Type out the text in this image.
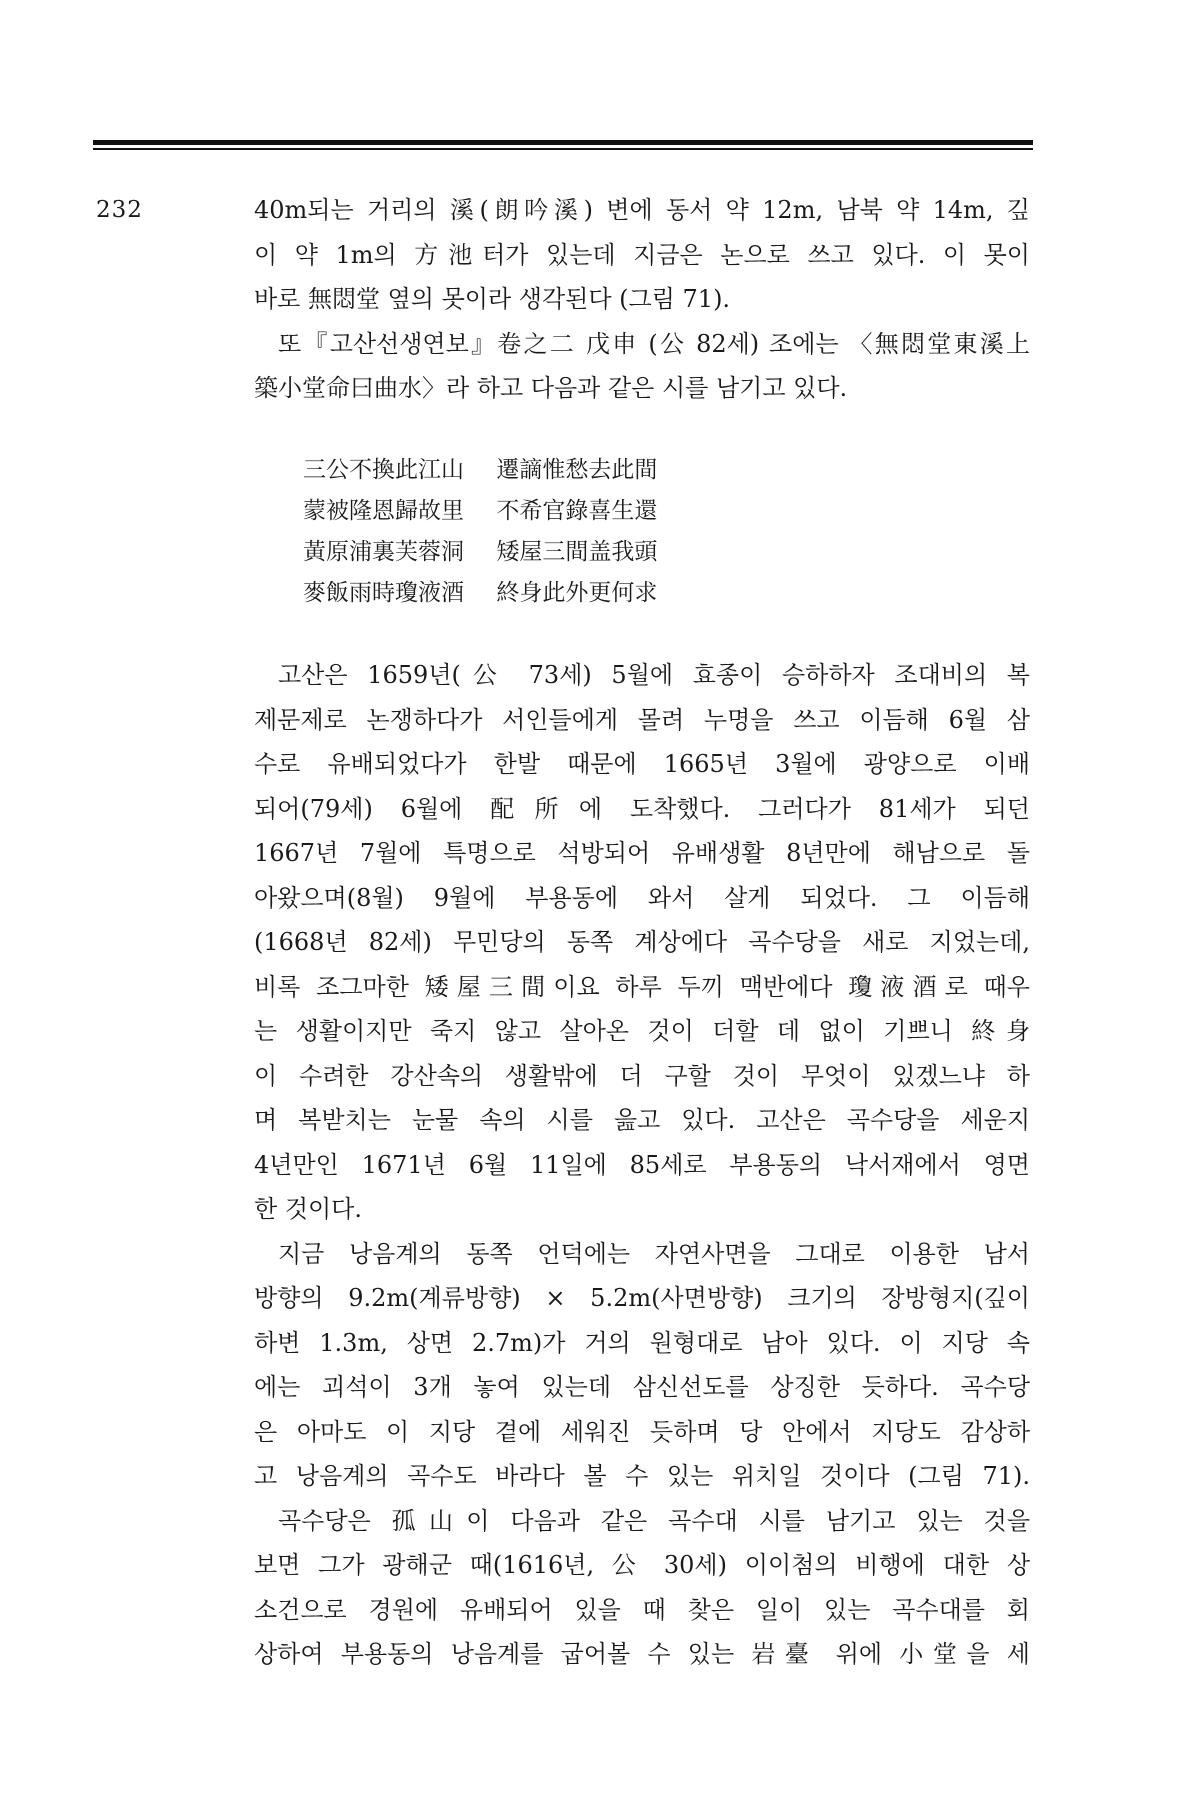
232	40m되는 거리의 溪(朗吟溪) 변에 동서 약 12m, 남북 약 14m, 깊
이 약 1m의 方池터가 있는데 지금은 논으로 쓰고 있다. 이 못이
바로 無悶堂 옆의 못이라 생각된다 (그림 71).
또『고산선생연보』卷之二 戊申 (公 82세) 조에는 〈無悶堂東溪上
築小堂命曰曲水〉라 하고 다음과 같은 시를 남기고 있다.
三公不換此江山 遷謫惟愁去此間
蒙被隆恩歸故里 不希官錄喜生還
黃原浦裏芙蓉洞 矮屋三間盖我頭
麥飯雨時瓊液酒 終身此外更何求
고산은 1659년(公 73세) 5월에 효종이 승하하자 조대비의 복
제문제로 논쟁하다가 서인들에게 몰려 누명을 쓰고 이듬해 6월 삼
수로 유배되었다가 한발 때문에 1665년 3월에 광양으로 이배
되어(79세) 6월에 配所에 도착했다. 그러다가 81세가 되던
1667년 7월에 특명으로 석방되어 유배생활 8년만에 해남으로 돌
아왔으며(8월) 9월에 부용동에 와서 살게 되었다. 그 이듬해
(1668년 82세) 무민당의 동쪽 계상에다 곡수당을 새로 지었는데,
비록 조그마한 矮屋三間이요 하루 두끼 맥반에다 瓊液酒로 때우
는 생활이지만 죽지 않고 살아온 것이 더할 데 없이 기쁘니 終身
이 수려한 강산속의 생활밖에 더 구할 것이 무엇이 있겠느냐 하
며 복받치는 눈물 속의 시를 읊고 있다. 고산은 곡수당을 세운지
4년만인 1671년 6월 11일에 85세로 부용동의 낙서재에서 영면
한 것이다.
지금 낭음계의 동쪽 언덕에는 자연사면을 그대로 이용한 남서
방향의 9.2m(계류방향) × 5.2m(사면방향) 크기의 장방형지(깊이
하변 1.3m, 상면 2.7m)가 거의 원형대로 남아 있다. 이 지당 속
에는 괴석이 3개 놓여 있는데 삼신선도를 상징한 듯하다. 곡수당
은 아마도 이 지당 곁에 세워진 듯하며 당 안에서 지당도 감상하
고 낭음계의 곡수도 바라다 볼 수 있는 위치일 것이다 (그림 71).
곡수당은 孤山이 다음과 같은 곡수대 시를 남기고 있는 것을
보면 그가 광해군 때(1616년, 公 30세) 이이첨의 비행에 대한 상
소건으로 경원에 유배되어 있을 때 찾은 일이 있는 곡수대를 회
상하여 부용동의 낭음계를 굽어볼 수 있는 岩臺 위에 小堂을 세
